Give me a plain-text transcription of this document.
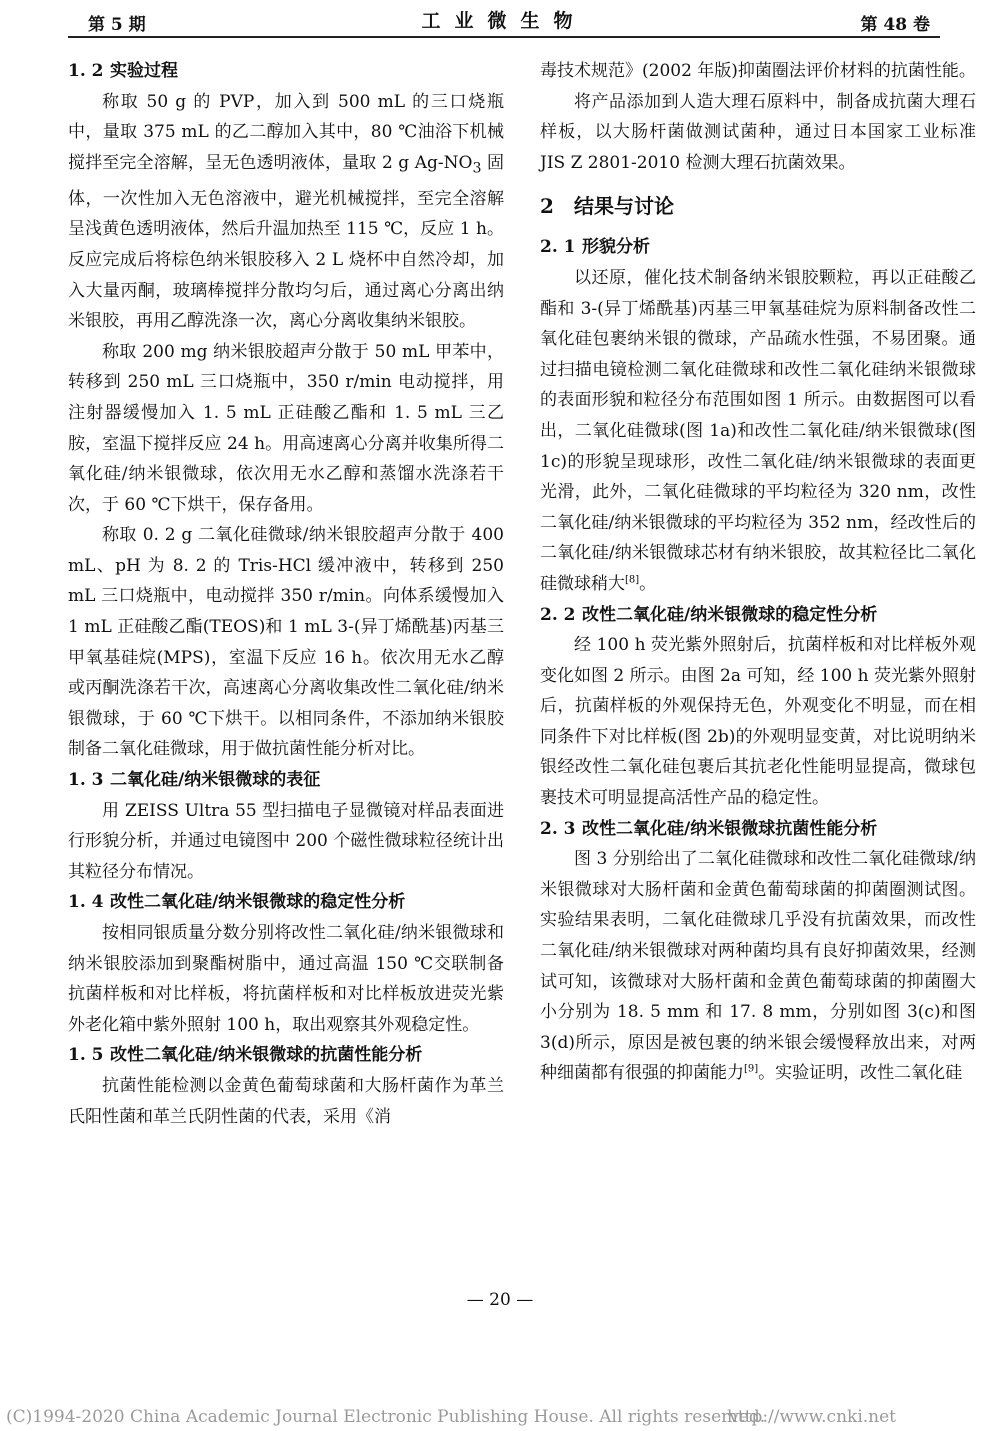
第 5 期	工业微生物	第 48 卷
1. 2 实验过程

称取 50 g 的 PVP，加入到 500 mL 的三口烧瓶中，量取 375 mL 的乙二醇加入其中，80 ℃油浴下机械搅拌至完全溶解，呈无色透明液体，量取 2 g $Ag-NO_3$ 固体，一次性加入无色溶液中，避光机械搅拌，至完全溶解呈浅黄色透明液体，然后升温加热至 115 ℃，反应 1 h。反应完成后将棕色纳米银胶移入 2 L 烧杯中自然冷却，加入大量丙酮，玻璃棒搅拌分散均匀后，通过离心分离出纳米银胶，再用乙醇洗涤一次，离心分离收集纳米银胶。

称取 200 mg 纳米银胶超声分散于 50 mL 甲苯中，转移到 250 mL 三口烧瓶中，350 r/min 电动搅拌，用注射器缓慢加入 1. 5 mL 正硅酸乙酯和 1. 5 mL 三乙胺，室温下搅拌反应 24 h。用高速离心分离并收集所得二氧化硅/纳米银微球，依次用无水乙醇和蒸馏水洗涤若干次，于 60 ℃下烘干，保存备用。

称取 0. 2 g 二氧化硅微球/纳米银胶超声分散于 400 mL、pH 为 8. 2 的 Tris-HCl 缓冲液中，转移到 250 mL 三口烧瓶中，电动搅拌 350 r/min。向体系缓慢加入 1 mL 正硅酸乙酯(TEOS)和 1 mL 3-(异丁烯酰基)丙基三甲氧基硅烷(MPS)，室温下反应 16 h。依次用无水乙醇或丙酮洗涤若干次，高速离心分离收集改性二氧化硅/纳米银微球，于 60 ℃下烘干。以相同条件，不添加纳米银胶制备二氧化硅微球，用于做抗菌性能分析对比。

1. 3 二氧化硅/纳米银微球的表征

用 ZEISS Ultra 55 型扫描电子显微镜对样品表面进行形貌分析，并通过电镜图中 200 个磁性微球粒径统计出其粒径分布情况。

1. 4 改性二氧化硅/纳米银微球的稳定性分析

按相同银质量分数分别将改性二氧化硅/纳米银微球和纳米银胶添加到聚酯树脂中，通过高温 150 ℃交联制备抗菌样板和对比样板，将抗菌样板和对比样板放进荧光紫外老化箱中紫外照射 100 h，取出观察其外观稳定性。

1. 5 改性二氧化硅/纳米银微球的抗菌性能分析

抗菌性能检测以金黄色葡萄球菌和大肠杆菌作为革兰氏阳性菌和革兰氏阴性菌的代表，采用《消

毒技术规范》(2002 年版)抑菌圈法评价材料的抗菌性能。

将产品添加到人造大理石原料中，制备成抗菌大理石样板，以大肠杆菌做测试菌种，通过日本国家工业标准 JIS Z 2801-2010 检测大理石抗菌效果。

2 结果与讨论
2. 1 形貌分析

以还原，催化技术制备纳米银胶颗粒，再以正硅酸乙酯和 3-(异丁烯酰基)丙基三甲氧基硅烷为原料制备改性二氧化硅包裹纳米银的微球，产品疏水性强，不易团聚。通过扫描电镜检测二氧化硅微球和改性二氧化硅纳米银微球的表面形貌和粒径分布范围如图 1 所示。由数据图可以看出，二氧化硅微球(图 1a)和改性二氧化硅/纳米银微球(图 1c)的形貌呈现球形，改性二氧化硅/纳米银微球的表面更光滑，此外，二氧化硅微球的平均粒径为 320 nm，改性二氧化硅/纳米银微球的平均粒径为 352 nm，经改性后的二氧化硅/纳米银微球芯材有纳米银胶，故其粒径比二氧化硅微球稍大[8]。

2. 2 改性二氧化硅/纳米银微球的稳定性分析

经 100 h 荧光紫外照射后，抗菌样板和对比样板外观变化如图 2 所示。由图 2a 可知，经 100 h 荧光紫外照射后，抗菌样板的外观保持无色，外观变化不明显，而在相同条件下对比样板(图 2b)的外观明显变黄，对比说明纳米银经改性二氧化硅包裹后其抗老化性能明显提高，微球包裹技术可明显提高活性产品的稳定性。

2. 3 改性二氧化硅/纳米银微球抗菌性能分析

图 3 分别给出了二氧化硅微球和改性二氧化硅微球/纳米银微球对大肠杆菌和金黄色葡萄球菌的抑菌圈测试图。实验结果表明，二氧化硅微球几乎没有抗菌效果，而改性二氧化硅/纳米银微球对两种菌均具有良好抑菌效果，经测试可知，该微球对大肠杆菌和金黄色葡萄球菌的抑菌圈大小分别为 18. 5 mm 和 17. 8 mm，分别如图 3(c)和图 3(d)所示，原因是被包裹的纳米银会缓慢释放出来，对两种细菌都有很强的抑菌能力[9]。实验证明，改性二氧化硅

— 20 —
(C)1994-2020 China Academic Journal Electronic Publishing House. All rights reserved.
http://www.cnki.net
